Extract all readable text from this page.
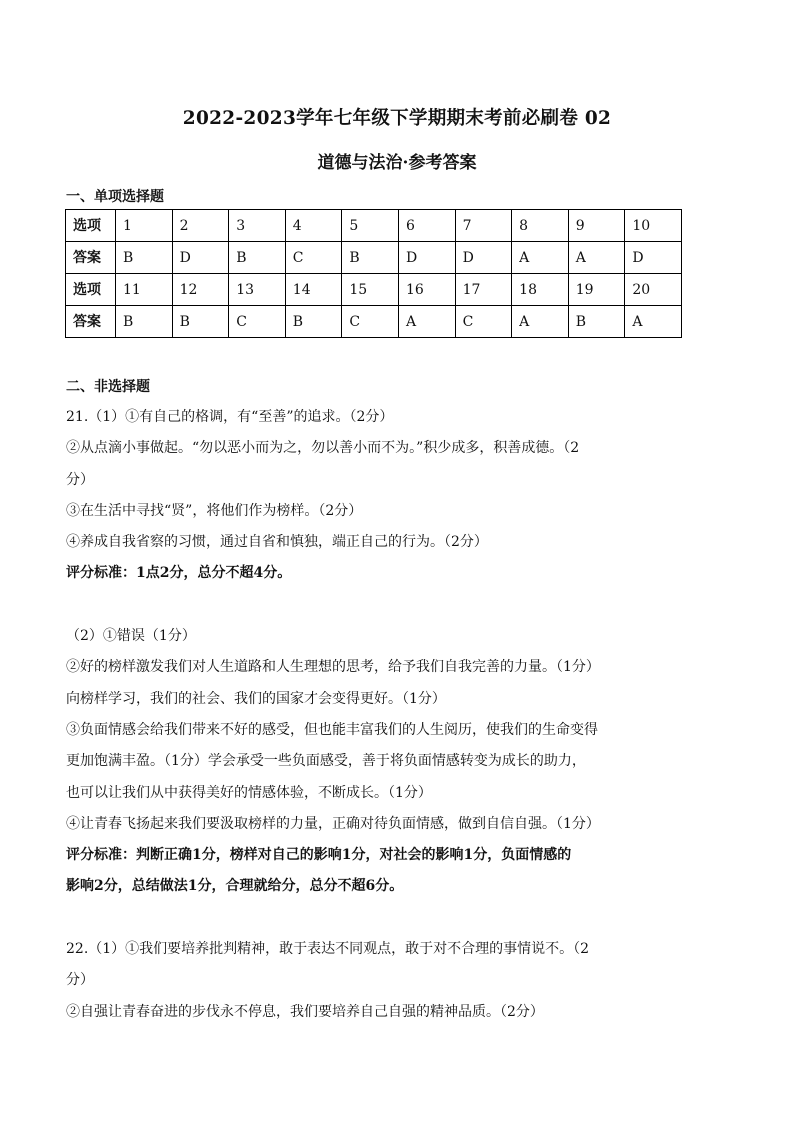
2022-2023学年七年级下学期期末考前必刷卷 02
道德与法治·参考答案
一、单项选择题
选项	1	2	3	4	5	6	7	8	9	10
答案	B	D	B	C	B	D	D	A	A	D
选项	11	12	13	14	15	16	17	18	19	20
答案	B	B	C	B	C	A	C	A	B	A
二、非选择题

21.（1）①有自己的格调，有“至善”的追求。（2分）

②从点滴小事做起。“勿以恶小而为之，勿以善小而不为。”积少成多，积善成德。（2

分）

③在生活中寻找“贤”，将他们作为榜样。（2分）

④养成自我省察的习惯，通过自省和慎独，端正自己的行为。（2分）

评分标准：1点2分，总分不超4分。

（2）①错误（1分）

②好的榜样激发我们对人生道路和人生理想的思考，给予我们自我完善的力量。（1分）

向榜样学习，我们的社会、我们的国家才会变得更好。（1分）

③负面情感会给我们带来不好的感受，但也能丰富我们的人生阅历，使我们的生命变得

更加饱满丰盈。（1分）学会承受一些负面感受，善于将负面情感转变为成长的助力，

也可以让我们从中获得美好的情感体验，不断成长。（1分）

④让青春飞扬起来我们要汲取榜样的力量，正确对待负面情感，做到自信自强。（1分）

评分标准：判断正确1分，榜样对自己的影响1分，对社会的影响1分，负面情感的

影响2分，总结做法1分，合理就给分，总分不超6分。

22.（1）①我们要培养批判精神，敢于表达不同观点，敢于对不合理的事情说不。（2

分）

②自强让青春奋进的步伐永不停息，我们要培养自己自强的精神品质。（2分）
